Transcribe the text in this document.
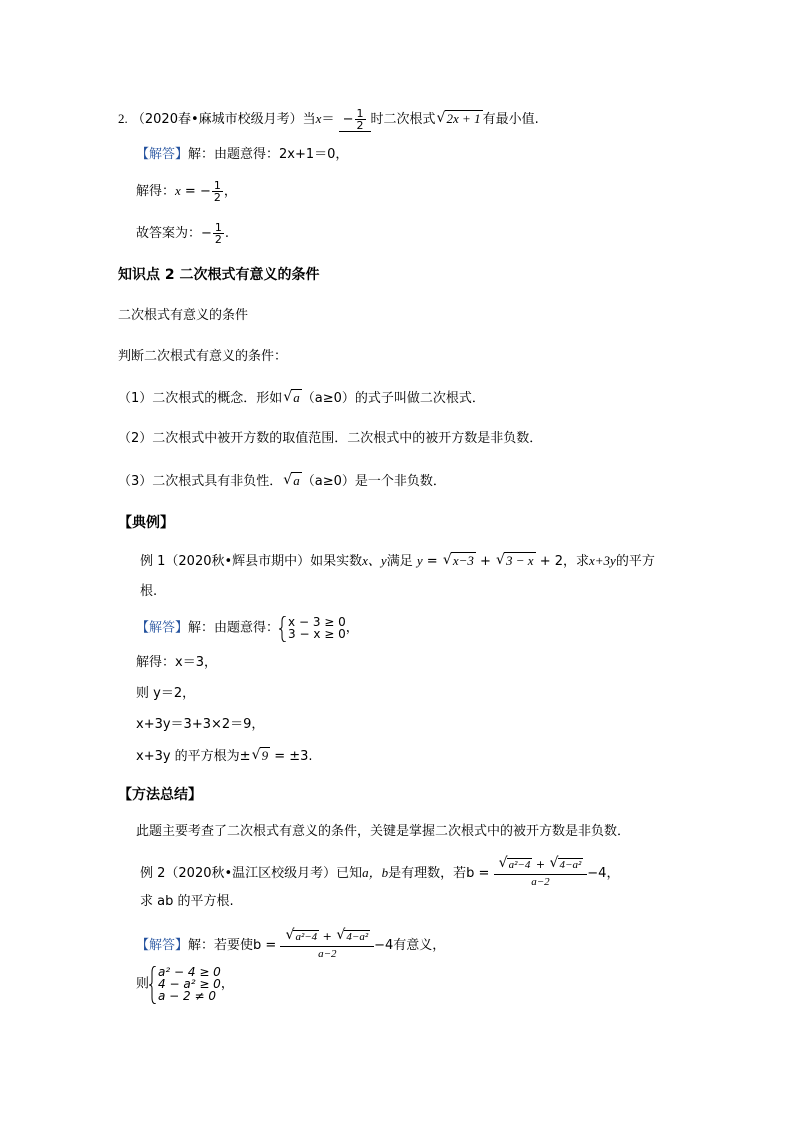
2. （2020春•麻城市校级月考）当$x= - \frac{1}{2}$ 时二次根式 √ 2x + 1 有最小值.
【解答】解：由题意得：2x+1＝0，
解得：x = − $\frac{1}{2}$ ，
故答案为：− $\frac{1}{2}$ .
知识点 2 二次根式有意义的条件
二次根式有意义的条件
判断二次根式有意义的条件：
（1）二次根式的概念．形如 √ a （a≥0）的式子叫做二次根式．
（2）二次根式中被开方数的取值范围．二次根式中的被开方数是非负数．
（3）二次根式具有非负性． √ a （a≥0）是一个非负数．
【典例】
例 1（2020秋•辉县市期中）如果实数x、y满足 y = √ x−3 + √ 3 − x + 2，求x+3y的平方
根.
【解答】解：由题意得： x − 3 ≥ 0
3 − x ≥ 0 ，
解得：x＝3，
则 y＝2，
x+3y＝3+3×2＝9，
x+3y 的平方根为± √ 9 = ±3.
【方法总结】
此题主要考查了二次根式有意义的条件，关键是掌握二次根式中的被开方数是非负数．
例 2（2020秋•温江区校级月考）已知a，b是有理数，若$b = \frac{\text{√ a²−4 + √ 4−a²}}{a-2} -4$，
求 ab 的平方根.
【解答】解：若要使$b = \frac{\text{√ a²−4 + √ 4−a²}}{a-2} -4$有意义，
则
a² − 4 ≥ 0
4 − a² ≥ 0
a − 2 ≠ 0
，
